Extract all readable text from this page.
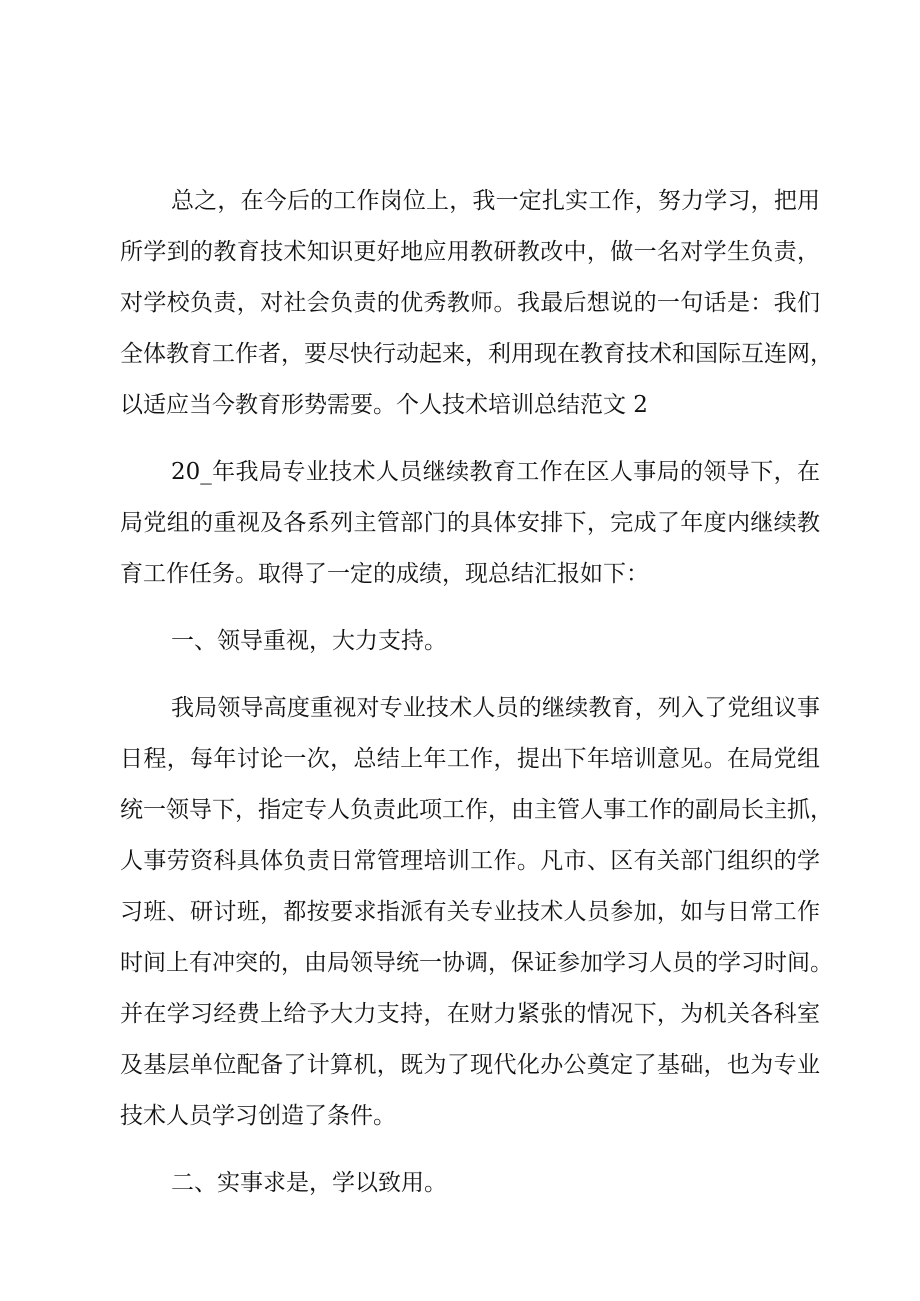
总之，在今后的工作岗位上，我一定扎实工作，努力学习，把用
所学到的教育技术知识更好地应用教研教改中，做一名对学生负责，
对学校负责，对社会负责的优秀教师。我最后想说的一句话是：我们
全体教育工作者，要尽快行动起来，利用现在教育技术和国际互连网，
以适应当今教育形势需要。个人技术培训总结范文 2
20_年我局专业技术人员继续教育工作在区人事局的领导下，在
局党组的重视及各系列主管部门的具体安排下，完成了年度内继续教
育工作任务。取得了一定的成绩，现总结汇报如下：
一、领导重视，大力支持。
我局领导高度重视对专业技术人员的继续教育，列入了党组议事
日程，每年讨论一次，总结上年工作，提出下年培训意见。在局党组
统一领导下，指定专人负责此项工作，由主管人事工作的副局长主抓，
人事劳资科具体负责日常管理培训工作。凡市、区有关部门组织的学
习班、研讨班，都按要求指派有关专业技术人员参加，如与日常工作
时间上有冲突的，由局领导统一协调，保证参加学习人员的学习时间。
并在学习经费上给予大力支持，在财力紧张的情况下，为机关各科室
及基层单位配备了计算机，既为了现代化办公奠定了基础，也为专业
技术人员学习创造了条件。
二、实事求是，学以致用。
